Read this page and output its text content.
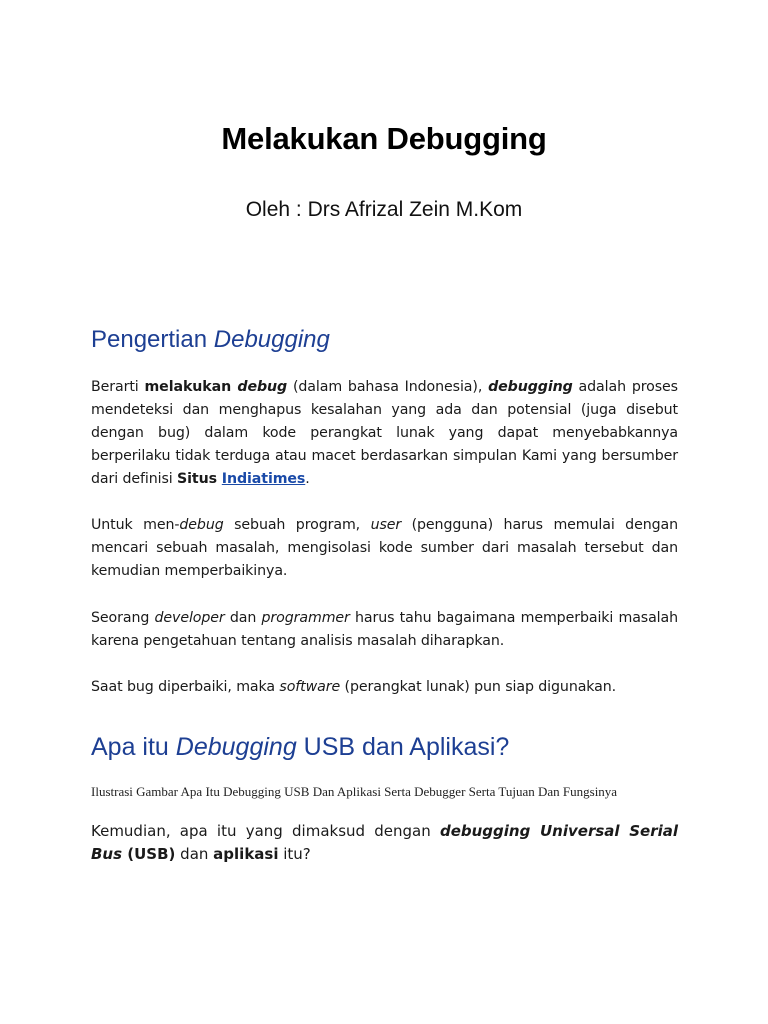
Melakukan Debugging

Oleh : Drs Afrizal Zein M.Kom

Pengertian Debugging

Berarti melakukan debug (dalam bahasa Indonesia), debugging adalah proses mendeteksi dan menghapus kesalahan yang ada dan potensial (juga disebut dengan bug) dalam kode perangkat lunak yang dapat menyebabkannya berperilaku tidak terduga atau macet berdasarkan simpulan Kami yang bersumber dari definisi Situs Indiatimes.

Untuk men-debug sebuah program, user (pengguna) harus memulai dengan mencari sebuah masalah, mengisolasi kode sumber dari masalah tersebut dan kemudian memperbaikinya.

Seorang developer dan programmer harus tahu bagaimana memperbaiki masalah karena pengetahuan tentang analisis masalah diharapkan.

Saat bug diperbaiki, maka software (perangkat lunak) pun siap digunakan.

Apa itu Debugging USB dan Aplikasi?

Ilustrasi Gambar Apa Itu Debugging USB Dan Aplikasi Serta Debugger Serta Tujuan Dan Fungsinya

Kemudian, apa itu yang dimaksud dengan debugging Universal Serial Bus (USB) dan aplikasi itu?
